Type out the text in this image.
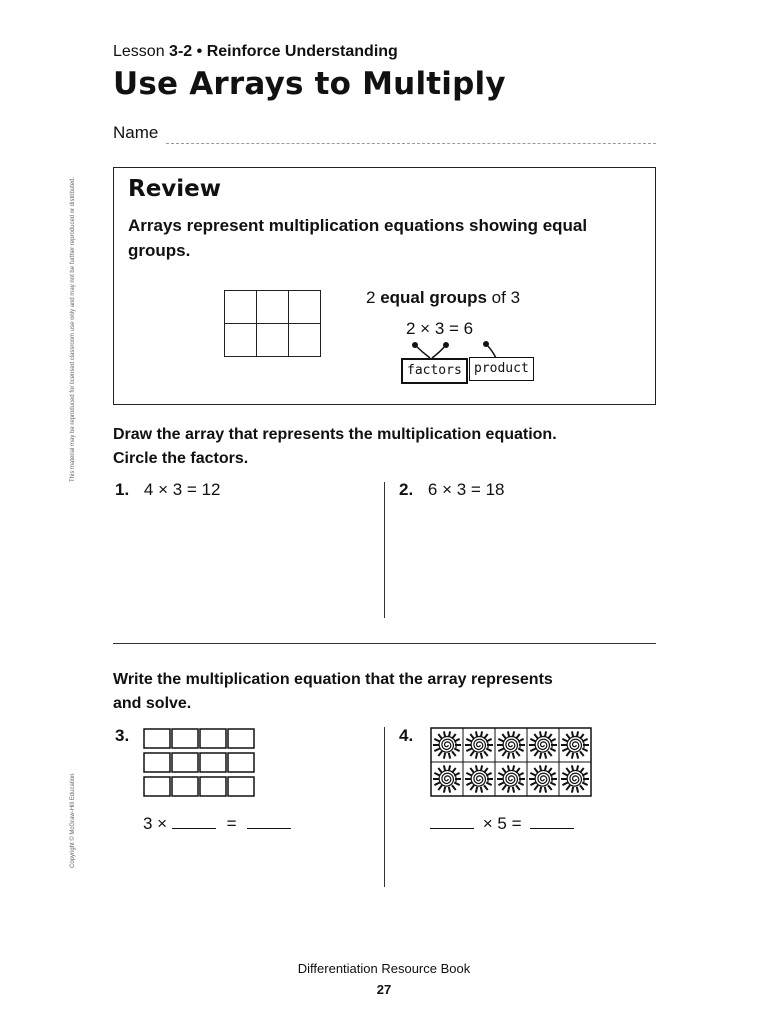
Lesson 3-2 • Reinforce Understanding
Use Arrays to Multiply
Name
This material may be reproduced for licensed classroom use only and may not be further reproduced or distributed.
Copyright © McGraw-Hill Education
Review
Arrays represent multiplication equations showing equal groups.

2 equal groups of 3
2 × 3 = 6
factors product
Draw the array that represents the multiplication equation.
Circle the factors.
1. 4 × 3 = 12	2. 6 × 3 = 18
Write the multiplication equation that the array represents
and solve.
3.
3 ×	=
4.
× 5 =
Differentiation Resource Book
27
